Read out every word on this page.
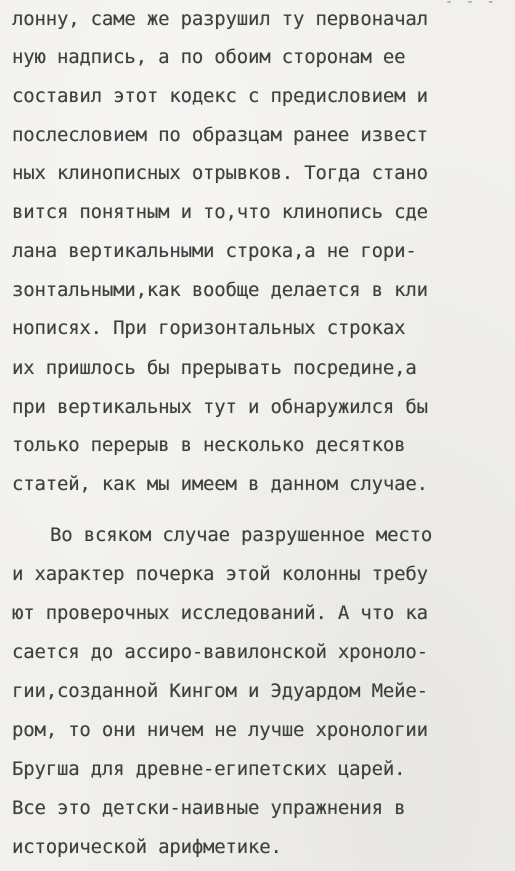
- - -
лонну, саме же разрушил ту первоначал
ную надпись, а по обоим сторонам ее
составил этот кодекс с предисловием и
послесловием по образцам ранее извест
ных клинописных отрывков. Тогда стано
вится понятным и то,что клинопись сде
лана вертикальными строка,а не гори-
зонтальными,как вообще делается в кли
нописях. При горизонтальных строках
их пришлось бы прерывать посредине,а
при вертикальных тут и обнаружился бы
только перерыв в несколько десятков
статей, как мы имеем в данном случае.
Во всяком случае разрушенное место
и характер почерка этой колонны требу
ют проверочных исследований. А что ка
сается до ассиро-вавилонской хроноло-
гии,созданной Кингом и Эдуардом Мейе-
ром, то они ничем не лучше хронологии
Бругша для древне-египетских царей.
Все это детски-наивные упражнения в
исторической арифметике.
